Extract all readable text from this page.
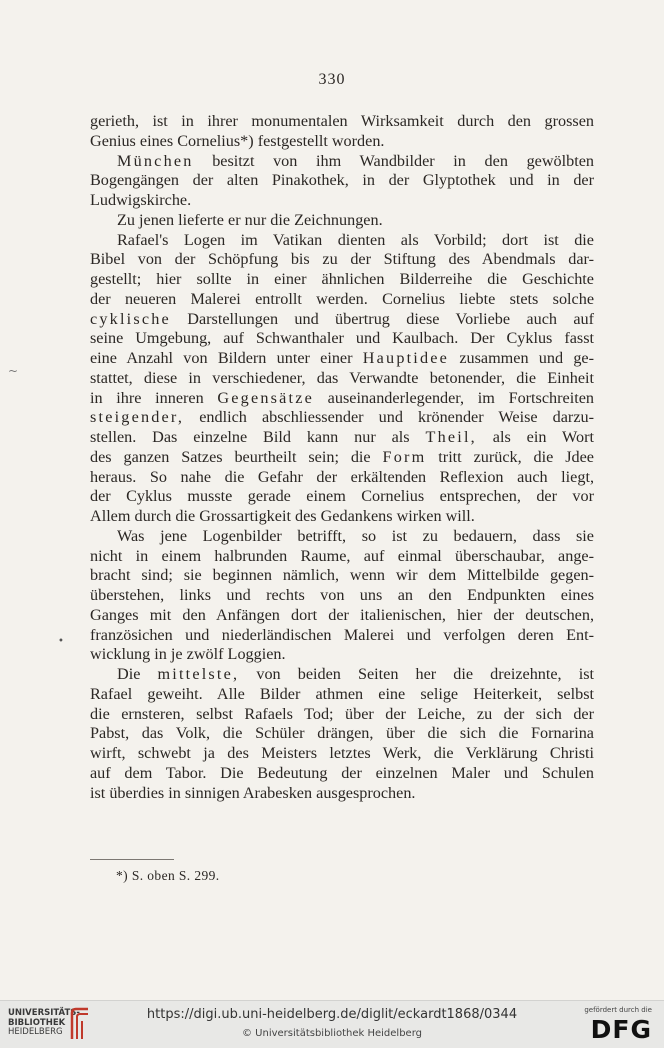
330
gerieth, ist in ihrer monumentalen Wirksamkeit durch den grossen
Genius eines Cornelius*) festgestellt worden.
München besitzt von ihm Wandbilder in den gewölbten
Bogengängen der alten Pinakothek, in der Glyptothek und in der
Ludwigskirche.
Zu jenen lieferte er nur die Zeichnungen.
Rafael's Logen im Vatikan dienten als Vorbild; dort ist die
Bibel von der Schöpfung bis zu der Stiftung des Abendmals dar-
gestellt; hier sollte in einer ähnlichen Bilderreihe die Geschichte
der neueren Malerei entrollt werden. Cornelius liebte stets solche
cyklische Darstellungen und übertrug diese Vorliebe auch auf
seine Umgebung, auf Schwanthaler und Kaulbach. Der Cyklus fasst
eine Anzahl von Bildern unter einer Hauptidee zusammen und ge-
stattet, diese in verschiedener, das Verwandte betonender, die Einheit
in ihre inneren Gegensätze auseinanderlegender, im Fortschreiten
steigender, endlich abschliessender und krönender Weise darzu-
stellen. Das einzelne Bild kann nur als Theil, als ein Wort
des ganzen Satzes beurtheilt sein; die Form tritt zurück, die Jdee
heraus. So nahe die Gefahr der erkältenden Reflexion auch liegt,
der Cyklus musste gerade einem Cornelius entsprechen, der vor
Allem durch die Grossartigkeit des Gedankens wirken will.
Was jene Logenbilder betrifft, so ist zu bedauern, dass sie
nicht in einem halbrunden Raume, auf einmal überschaubar, ange-
bracht sind; sie beginnen nämlich, wenn wir dem Mittelbilde gegen-
überstehen, links und rechts von uns an den Endpunkten eines
Ganges mit den Anfängen dort der italienischen, hier der deutschen,
französichen und niederländischen Malerei und verfolgen deren Ent-
wicklung in je zwölf Loggien.
Die mittelste, von beiden Seiten her die dreizehnte, ist
Rafael geweiht. Alle Bilder athmen eine selige Heiterkeit, selbst
die ernsteren, selbst Rafaels Tod; über der Leiche, zu der sich der
Pabst, das Volk, die Schüler drängen, über die sich die Fornarina
wirft, schwebt ja des Meisters letztes Werk, die Verklärung Christi
auf dem Tabor. Die Bedeutung der einzelnen Maler und Schulen
ist überdies in sinnigen Arabesken ausgesprochen.
*) S. oben S. 299.
~
•
UNIVERSITÄTS-
BIBLIOTHEK
HEIDELBERG
https://digi.ub.uni-heidelberg.de/diglit/eckardt1868/0344
© Universitätsbibliothek Heidelberg
gefördert durch die
DFG
